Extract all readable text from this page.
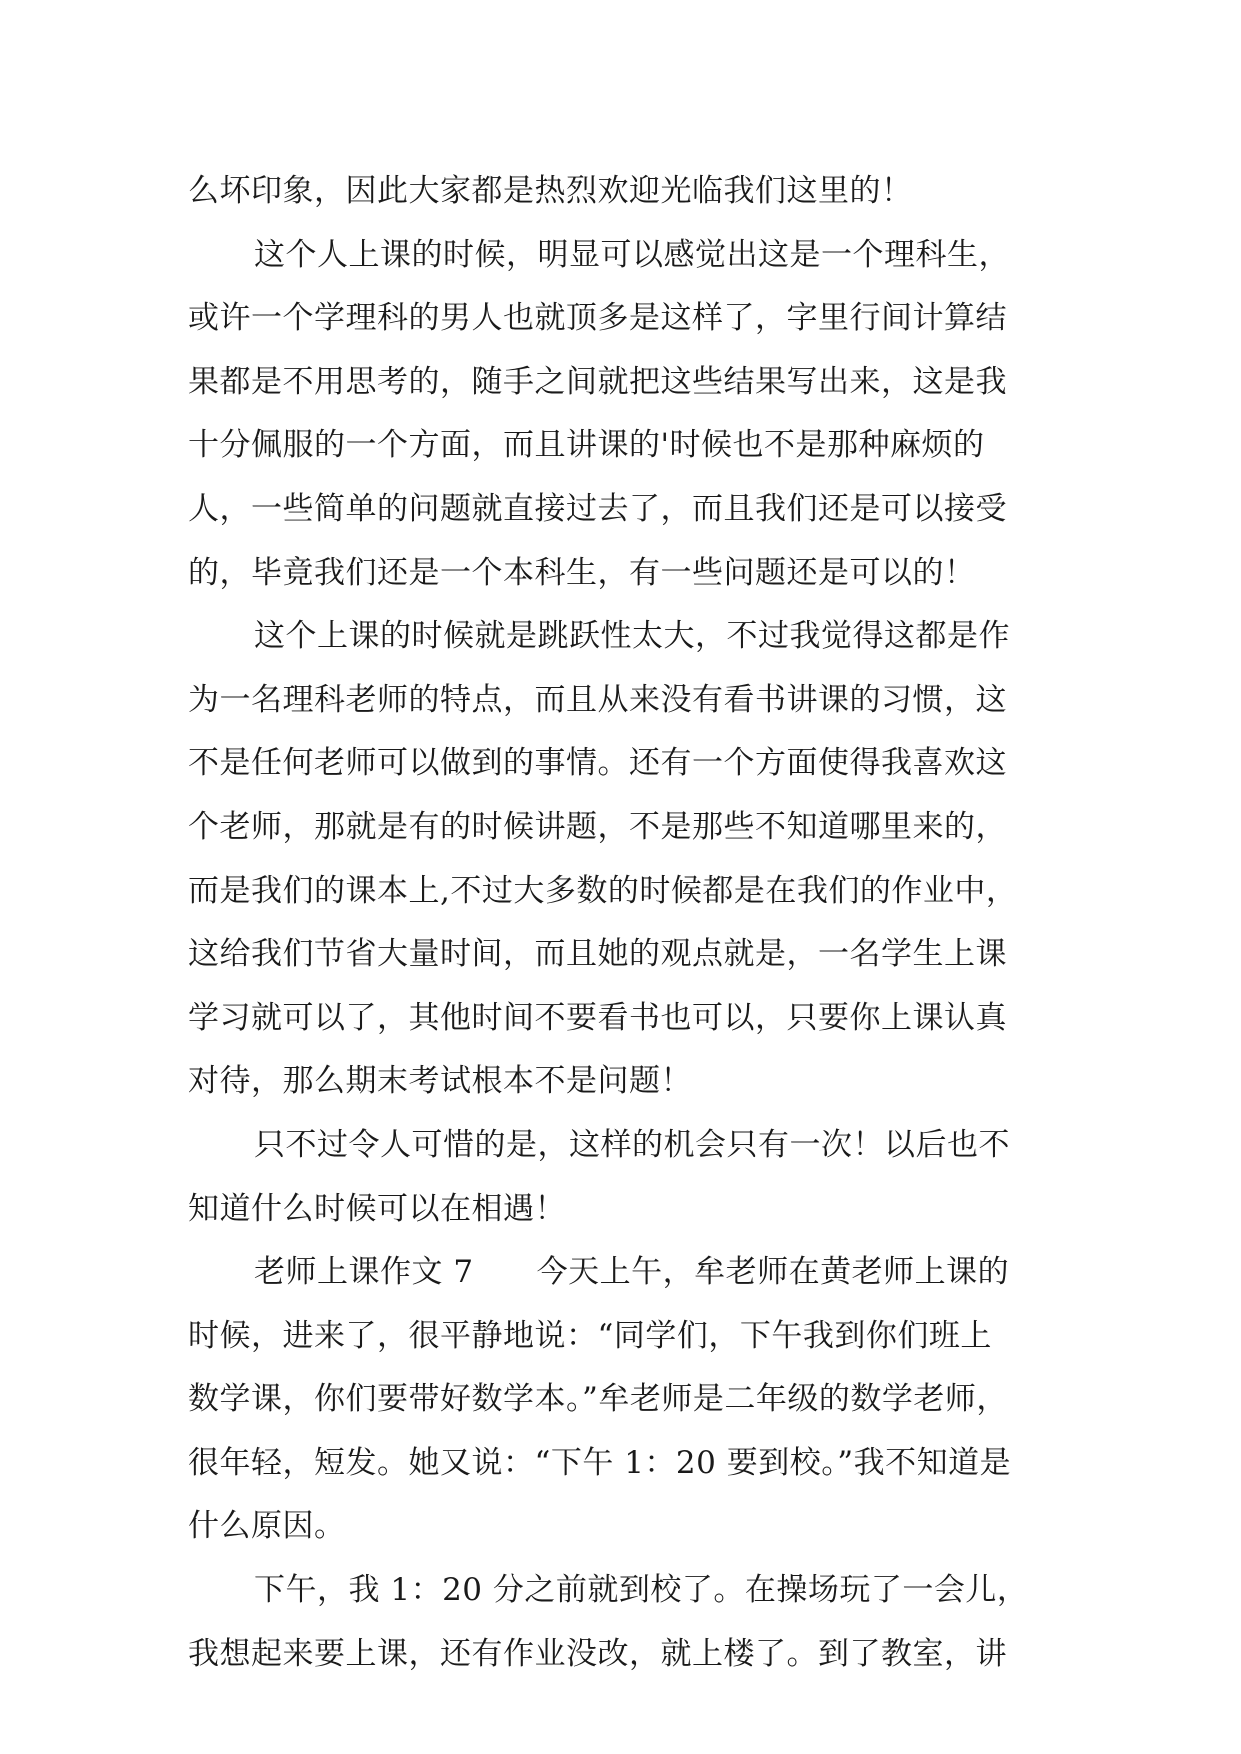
么坏印象，因此大家都是热烈欢迎光临我们这里的！
这个人上课的时候，明显可以感觉出这是一个理科生，
或许一个学理科的男人也就顶多是这样了，字里行间计算结
果都是不用思考的，随手之间就把这些结果写出来，这是我
十分佩服的一个方面，而且讲课的'时候也不是那种麻烦的
人，一些简单的问题就直接过去了，而且我们还是可以接受
的，毕竟我们还是一个本科生，有一些问题还是可以的！
这个上课的时候就是跳跃性太大，不过我觉得这都是作
为一名理科老师的特点，而且从来没有看书讲课的习惯，这
不是任何老师可以做到的事情。还有一个方面使得我喜欢这
个老师，那就是有的时候讲题，不是那些不知道哪里来的，
而是我们的课本上,不过大多数的时候都是在我们的作业中，
这给我们节省大量时间，而且她的观点就是，一名学生上课
学习就可以了，其他时间不要看书也可以，只要你上课认真
对待，那么期末考试根本不是问题！
只不过令人可惜的是，这样的机会只有一次！以后也不
知道什么时候可以在相遇！
老师上课作文 7　　今天上午，牟老师在黄老师上课的
时候，进来了，很平静地说：“同学们，下午我到你们班上
数学课，你们要带好数学本。”牟老师是二年级的数学老师，
很年轻，短发。她又说：“下午 1：20 要到校。”我不知道是
什么原因。
下午，我 1：20 分之前就到校了。在操场玩了一会儿，
我想起来要上课，还有作业没改，就上楼了。到了教室，讲
